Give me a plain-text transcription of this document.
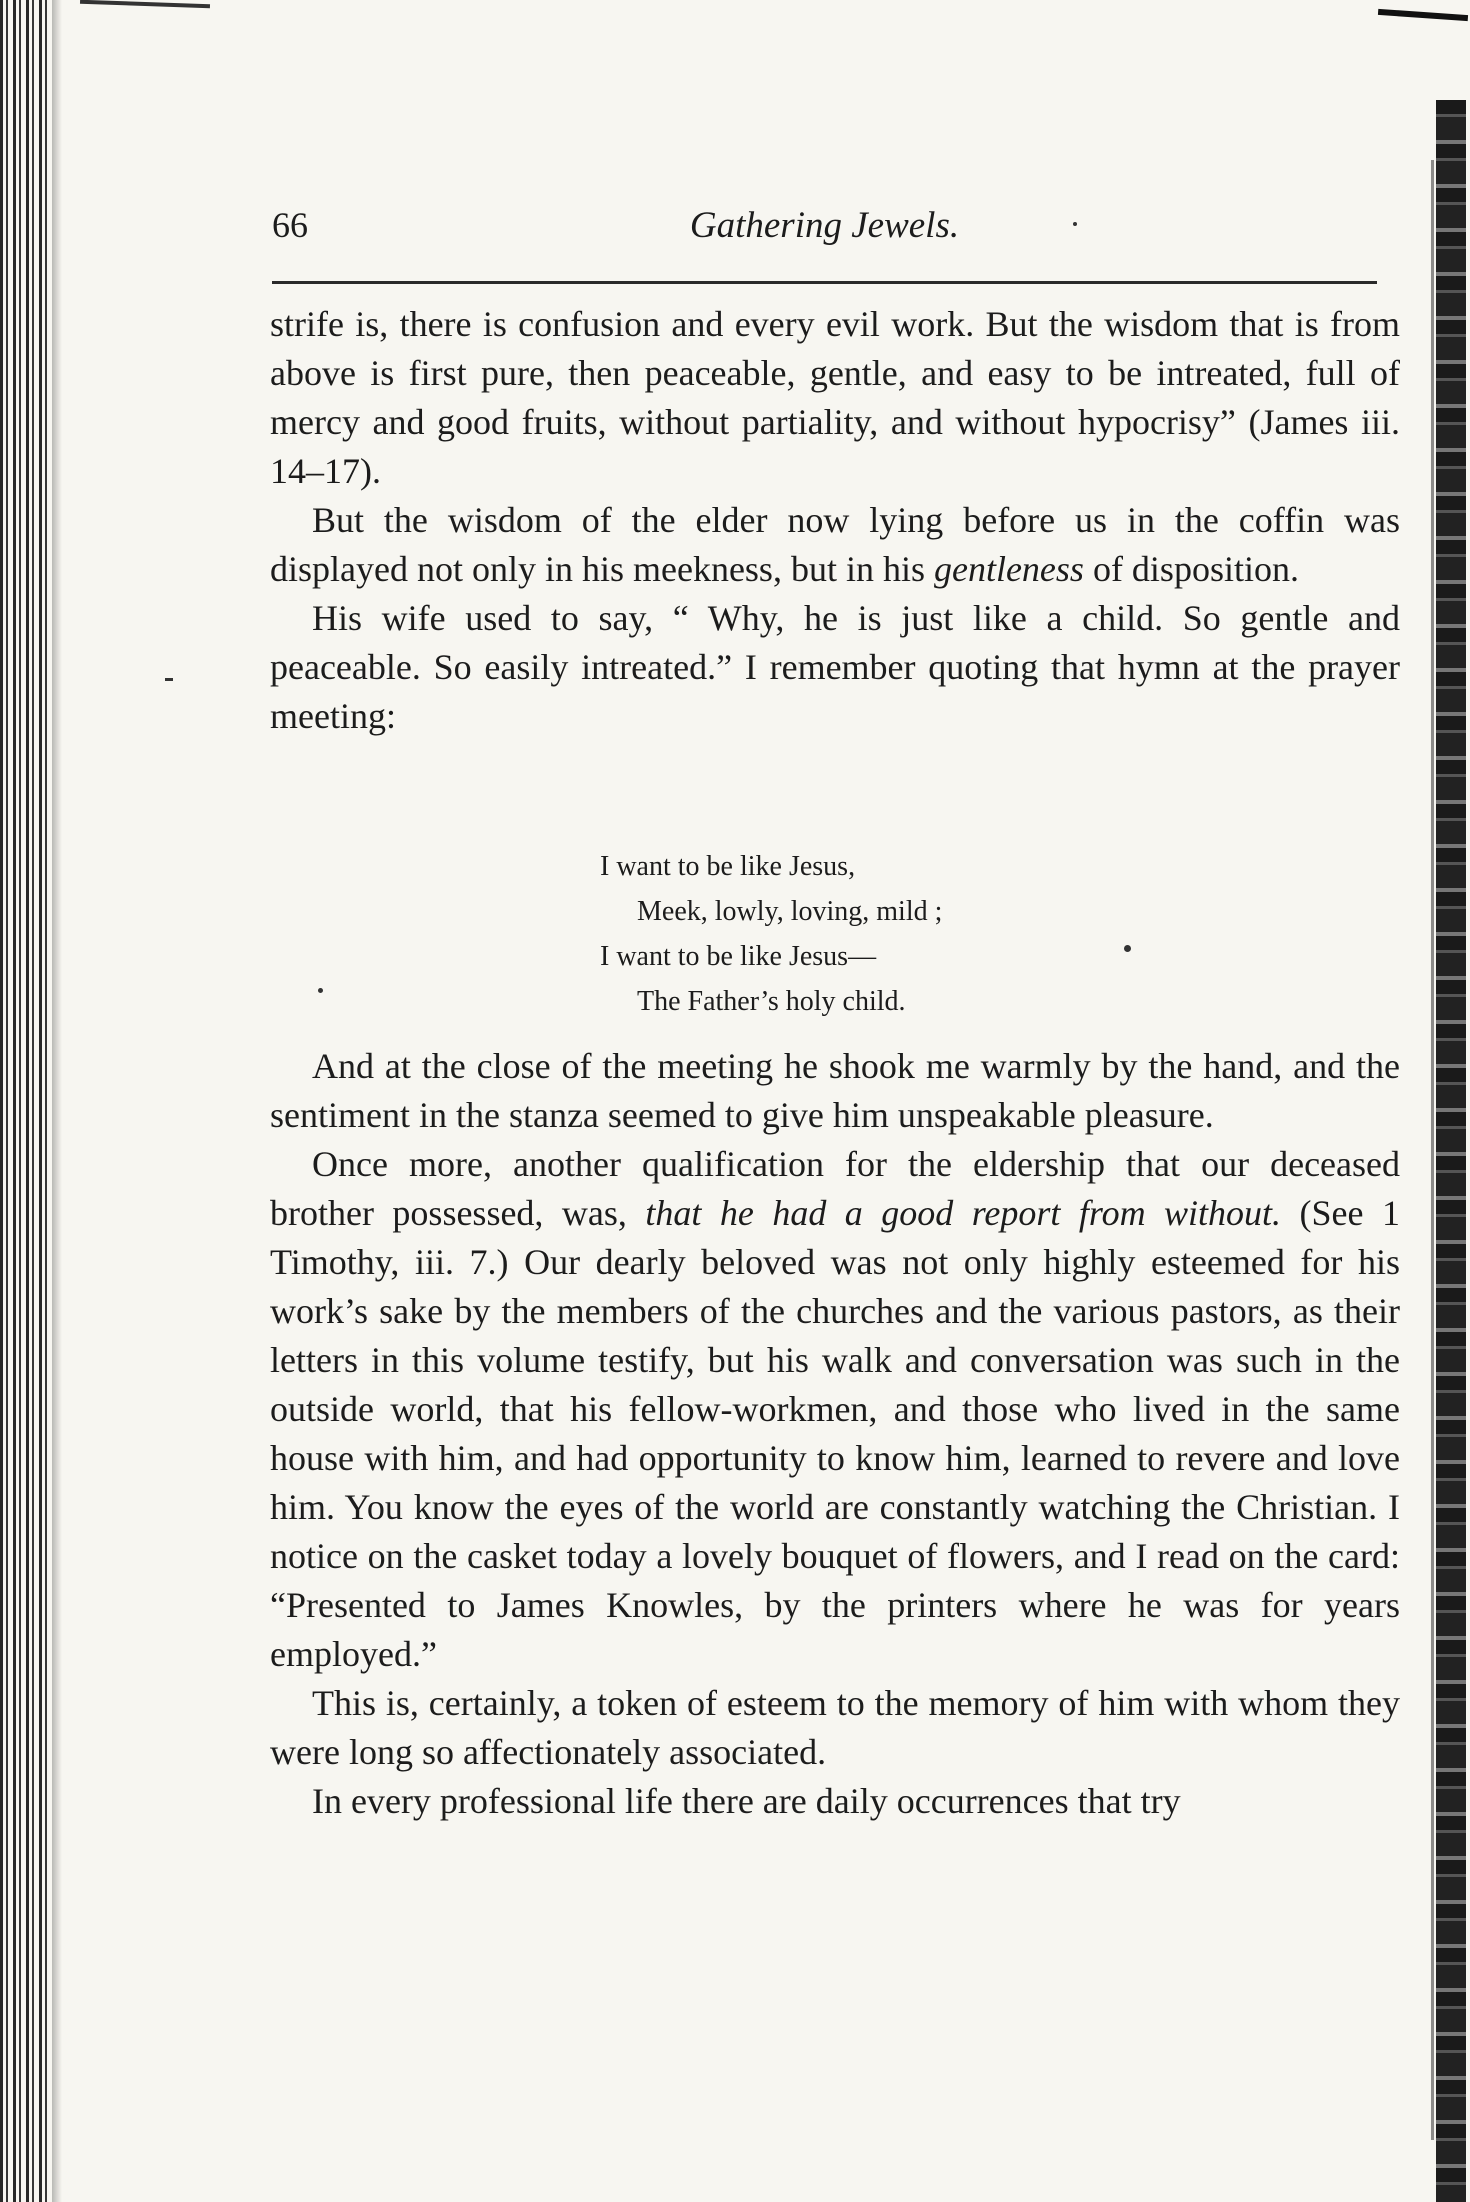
66	Gathering Jewels.

strife is, there is confusion and every evil work. But the wisdom that is from above is first pure, then peaceable, gentle, and easy to be intreated, full of mercy and good fruits, without partiality, and without hypocrisy” (James iii. 14–17).

But the wisdom of the elder now lying before us in the coffin was displayed not only in his meekness, but in his gentleness of disposition.

His wife used to say, “ Why, he is just like a child. So gentle and peaceable. So easily intreated.” I remember quoting that hymn at the prayer meeting:

I want to be like Jesus,
Meek, lowly, loving, mild ;
I want to be like Jesus—
The Father’s holy child.

And at the close of the meeting he shook me warmly by the hand, and the sentiment in the stanza seemed to give him unspeakable pleasure.

Once more, another qualification for the eldership that our deceased brother possessed, was, that he had a good report from without. (See 1 Timothy, iii. 7.) Our dearly beloved was not only highly esteemed for his work’s sake by the members of the churches and the various pastors, as their letters in this volume testify, but his walk and conversation was such in the outside world, that his fellow-workmen, and those who lived in the same house with him, and had opportunity to know him, learned to revere and love him. You know the eyes of the world are constantly watching the Christian. I notice on the casket today a lovely bouquet of flowers, and I read on the card: “Presented to James Knowles, by the printers where he was for years employed.”

This is, certainly, a token of esteem to the memory of him with whom they were long so affectionately associated.

In every professional life there are daily occurrences that try
